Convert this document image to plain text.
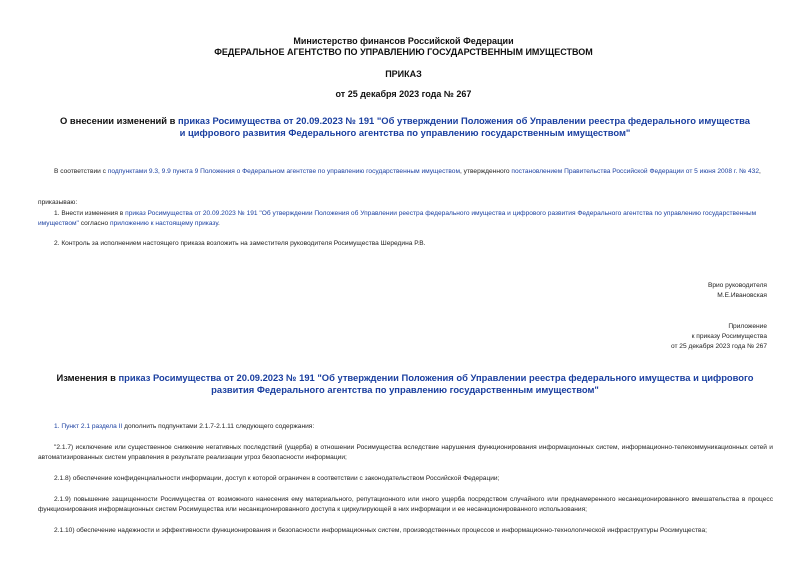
Министерство финансов Российской Федерации
ФЕДЕРАЛЬНОЕ АГЕНТСТВО ПО УПРАВЛЕНИЮ ГОСУДАРСТВЕННЫМ ИМУЩЕСТВОМ
ПРИКАЗ
от 25 декабря 2023 года № 267
О внесении изменений в приказ Росимущества от 20.09.2023 № 191 "Об утверждении Положения об Управлении реестра федерального имущества и цифрового развития Федерального агентства по управлению государственным имуществом"
В соответствии с подпунктами 9.3, 9.9 пункта 9 Положения о Федеральном агентстве по управлению государственным имуществом, утвержденного постановлением Правительства Российской Федерации от 5 июня 2008 г. № 432,
приказываю:
1. Внести изменения в приказ Росимущества от 20.09.2023 № 191 "Об утверждении Положения об Управлении реестра федерального имущества и цифрового развития Федерального агентства по управлению государственным имуществом" согласно приложению к настоящему приказу.
2. Контроль за исполнением настоящего приказа возложить на заместителя руководителя Росимущества Шередина Р.В.
Врио руководителя
М.Е.Ивановская
Приложение
к приказу Росимущества
от 25 декабря 2023 года № 267
Изменения в приказ Росимущества от 20.09.2023 № 191 "Об утверждении Положения об Управлении реестра федерального имущества и цифрового развития Федерального агентства по управлению государственным имуществом"
1. Пункт 2.1 раздела II дополнить подпунктами 2.1.7-2.1.11 следующего содержания:
"2.1.7) исключение или существенное снижение негативных последствий (ущерба) в отношении Росимущества вследствие нарушения функционирования информационных систем, информационно-телекоммуникационных сетей и автоматизированных систем управления в результате реализации угроз безопасности информации;
2.1.8) обеспечение конфиденциальности информации, доступ к которой ограничен в соответствии с законодательством Российской Федерации;
2.1.9) повышение защищенности Росимущества от возможного нанесения ему материального, репутационного или иного ущерба посредством случайного или преднамеренного несанкционированного вмешательства в процесс функционирования информационных систем Росимущества или несанкционированного доступа к циркулирующей в них информации и ее несанкционированного использования;
2.1.10) обеспечение надежности и эффективности функционирования и безопасности информационных систем, производственных процессов и информационно-технологической инфраструктуры Росимущества;
